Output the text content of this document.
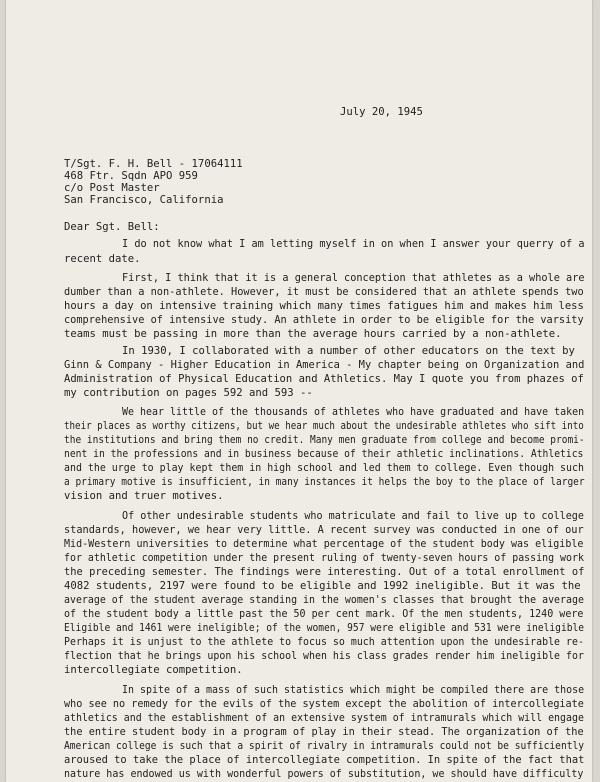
July 20, 1945
T/Sgt. F. H. Bell - 17064111
468 Ftr. Sqdn APO 959
c/o Post Master
San Francisco, California
Dear Sgt. Bell:
I do not know what I am letting myself in on when I answer your querry of a
recent date.
First, I think that it is a general conception that athletes as a whole are
dumber than a non-athlete. However, it must be considered that an athlete spends two
hours a day on intensive training which many times fatigues him and makes him less
comprehensive of intensive study. An athlete in order to be eligible for the varsity
teams must be passing in more than the average hours carried by a non-athlete.
In 1930, I collaborated with a number of other educators on the text by
Ginn & Company - Higher Education in America - My chapter being on Organization and
Administration of Physical Education and Athletics. May I quote you from phazes of
my contribution on pages 592 and 593 --
We hear little of the thousands of athletes who have graduated and have taken
their places as worthy citizens, but we hear much about the undesirable athletes who sift into
the institutions and bring them no credit. Many men graduate from college and become promi-
nent in the professions and in business because of their athletic inclinations. Athletics
and the urge to play kept them in high school and led them to college. Even though such
a primary motive is insufficient, in many instances it helps the boy to the place of larger
vision and truer motives.
Of other undesirable students who matriculate and fail to live up to college
standards, however, we hear very little. A recent survey was conducted in one of our
Mid-Western universities to determine what percentage of the student body was eligible
for athletic competition under the present ruling of twenty-seven hours of passing work
the preceding semester. The findings were interesting. Out of a total enrollment of
4082 students, 2197 were found to be eligible and 1992 ineligible. But it was the
average of the student average standing in the women's classes that brought the average
of the student body a little past the 50 per cent mark. Of the men students, 1240 were
Eligible and 1461 were ineligible; of the women, 957 were eligible and 531 were ineligible
Perhaps it is unjust to the athlete to focus so much attention upon the undesirable re-
flection that he brings upon his school when his class grades render him ineligible for
intercollegiate competition.
In spite of a mass of such statistics which might be compiled there are those
who see no remedy for the evils of the system except the abolition of intercollegiate
athletics and the establishment of an extensive system of intramurals which will engage
the entire student body in a program of play in their stead. The organization of the
American college is such that a spirit of rivalry in intramurals could not be sufficiently
aroused to take the place of intercollegiate competition. In spite of the fact that
nature has endowed us with wonderful powers of substitution, we should have difficulty
